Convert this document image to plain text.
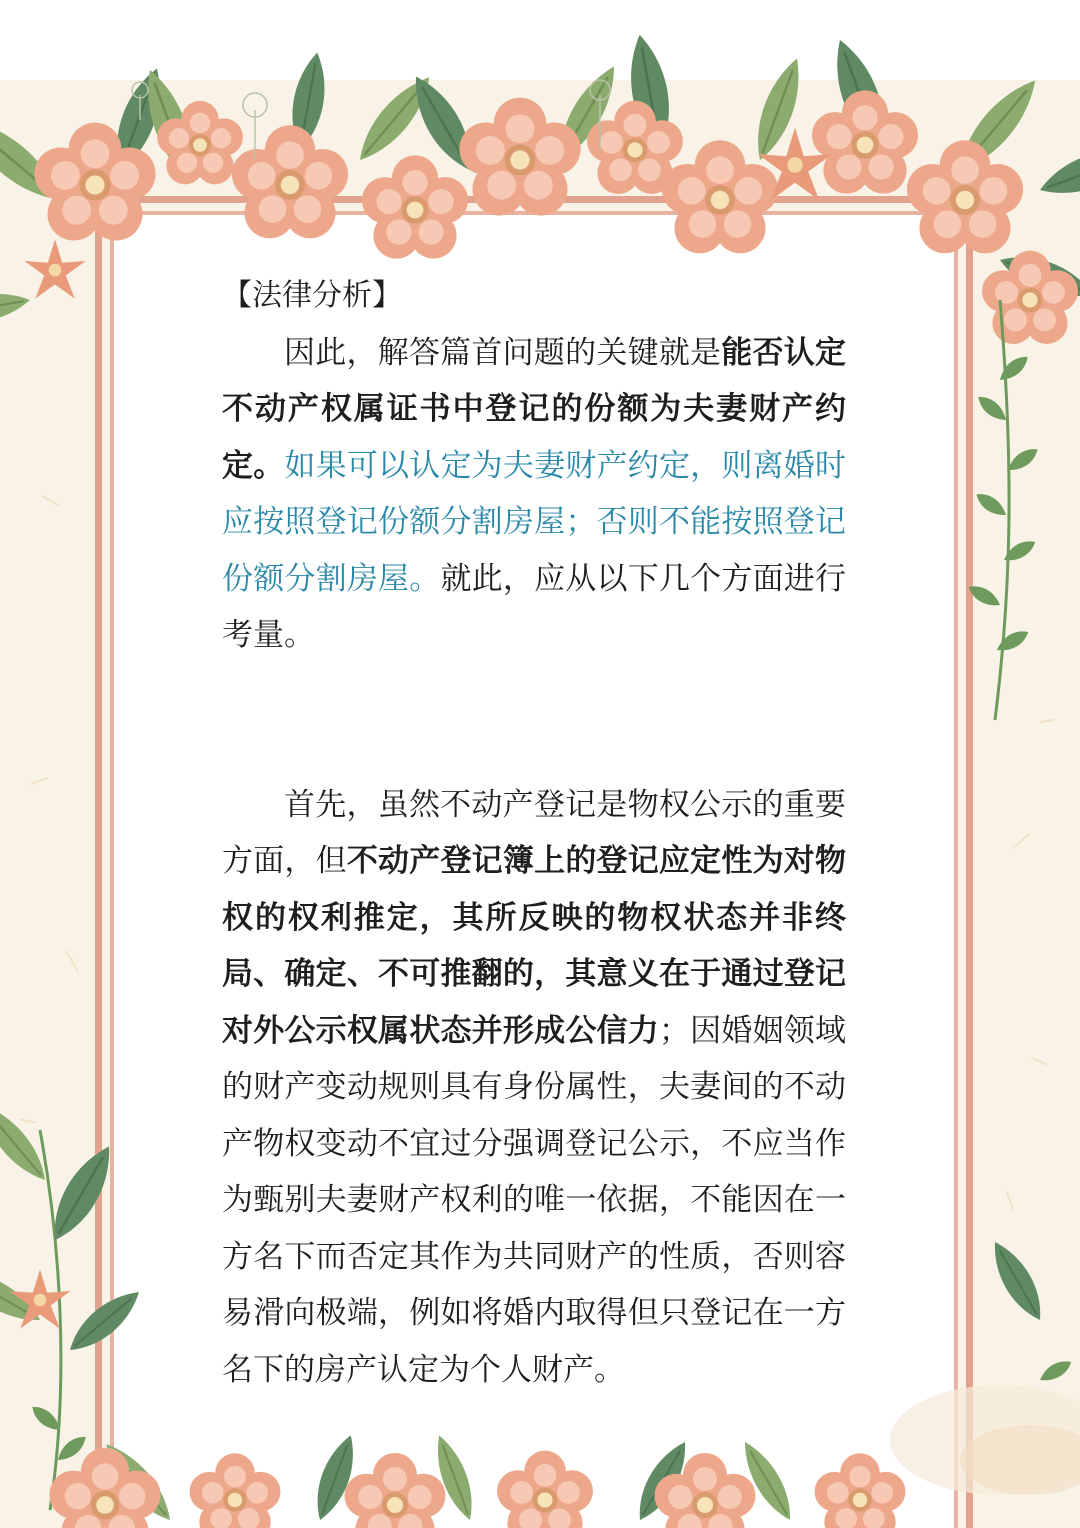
【法律分析】

因此，解答篇首问题的关键就是能否认定不动产权属证书中登记的份额为夫妻财产约定。如果可以认定为夫妻财产约定，则离婚时应按照登记份额分割房屋；否则不能按照登记份额分割房屋。就此，应从以下几个方面进行考量。

首先，虽然不动产登记是物权公示的重要方面，但不动产登记簿上的登记应定性为对物权的权利推定，其所反映的物权状态并非终局、确定、不可推翻的，其意义在于通过登记对外公示权属状态并形成公信力；因婚姻领域的财产变动规则具有身份属性，夫妻间的不动产物权变动不宜过分强调登记公示，不应当作为甄别夫妻财产权利的唯一依据，不能因在一方名下而否定其作为共同财产的性质，否则容易滑向极端，例如将婚内取得但只登记在一方名下的房产认定为个人财产。
